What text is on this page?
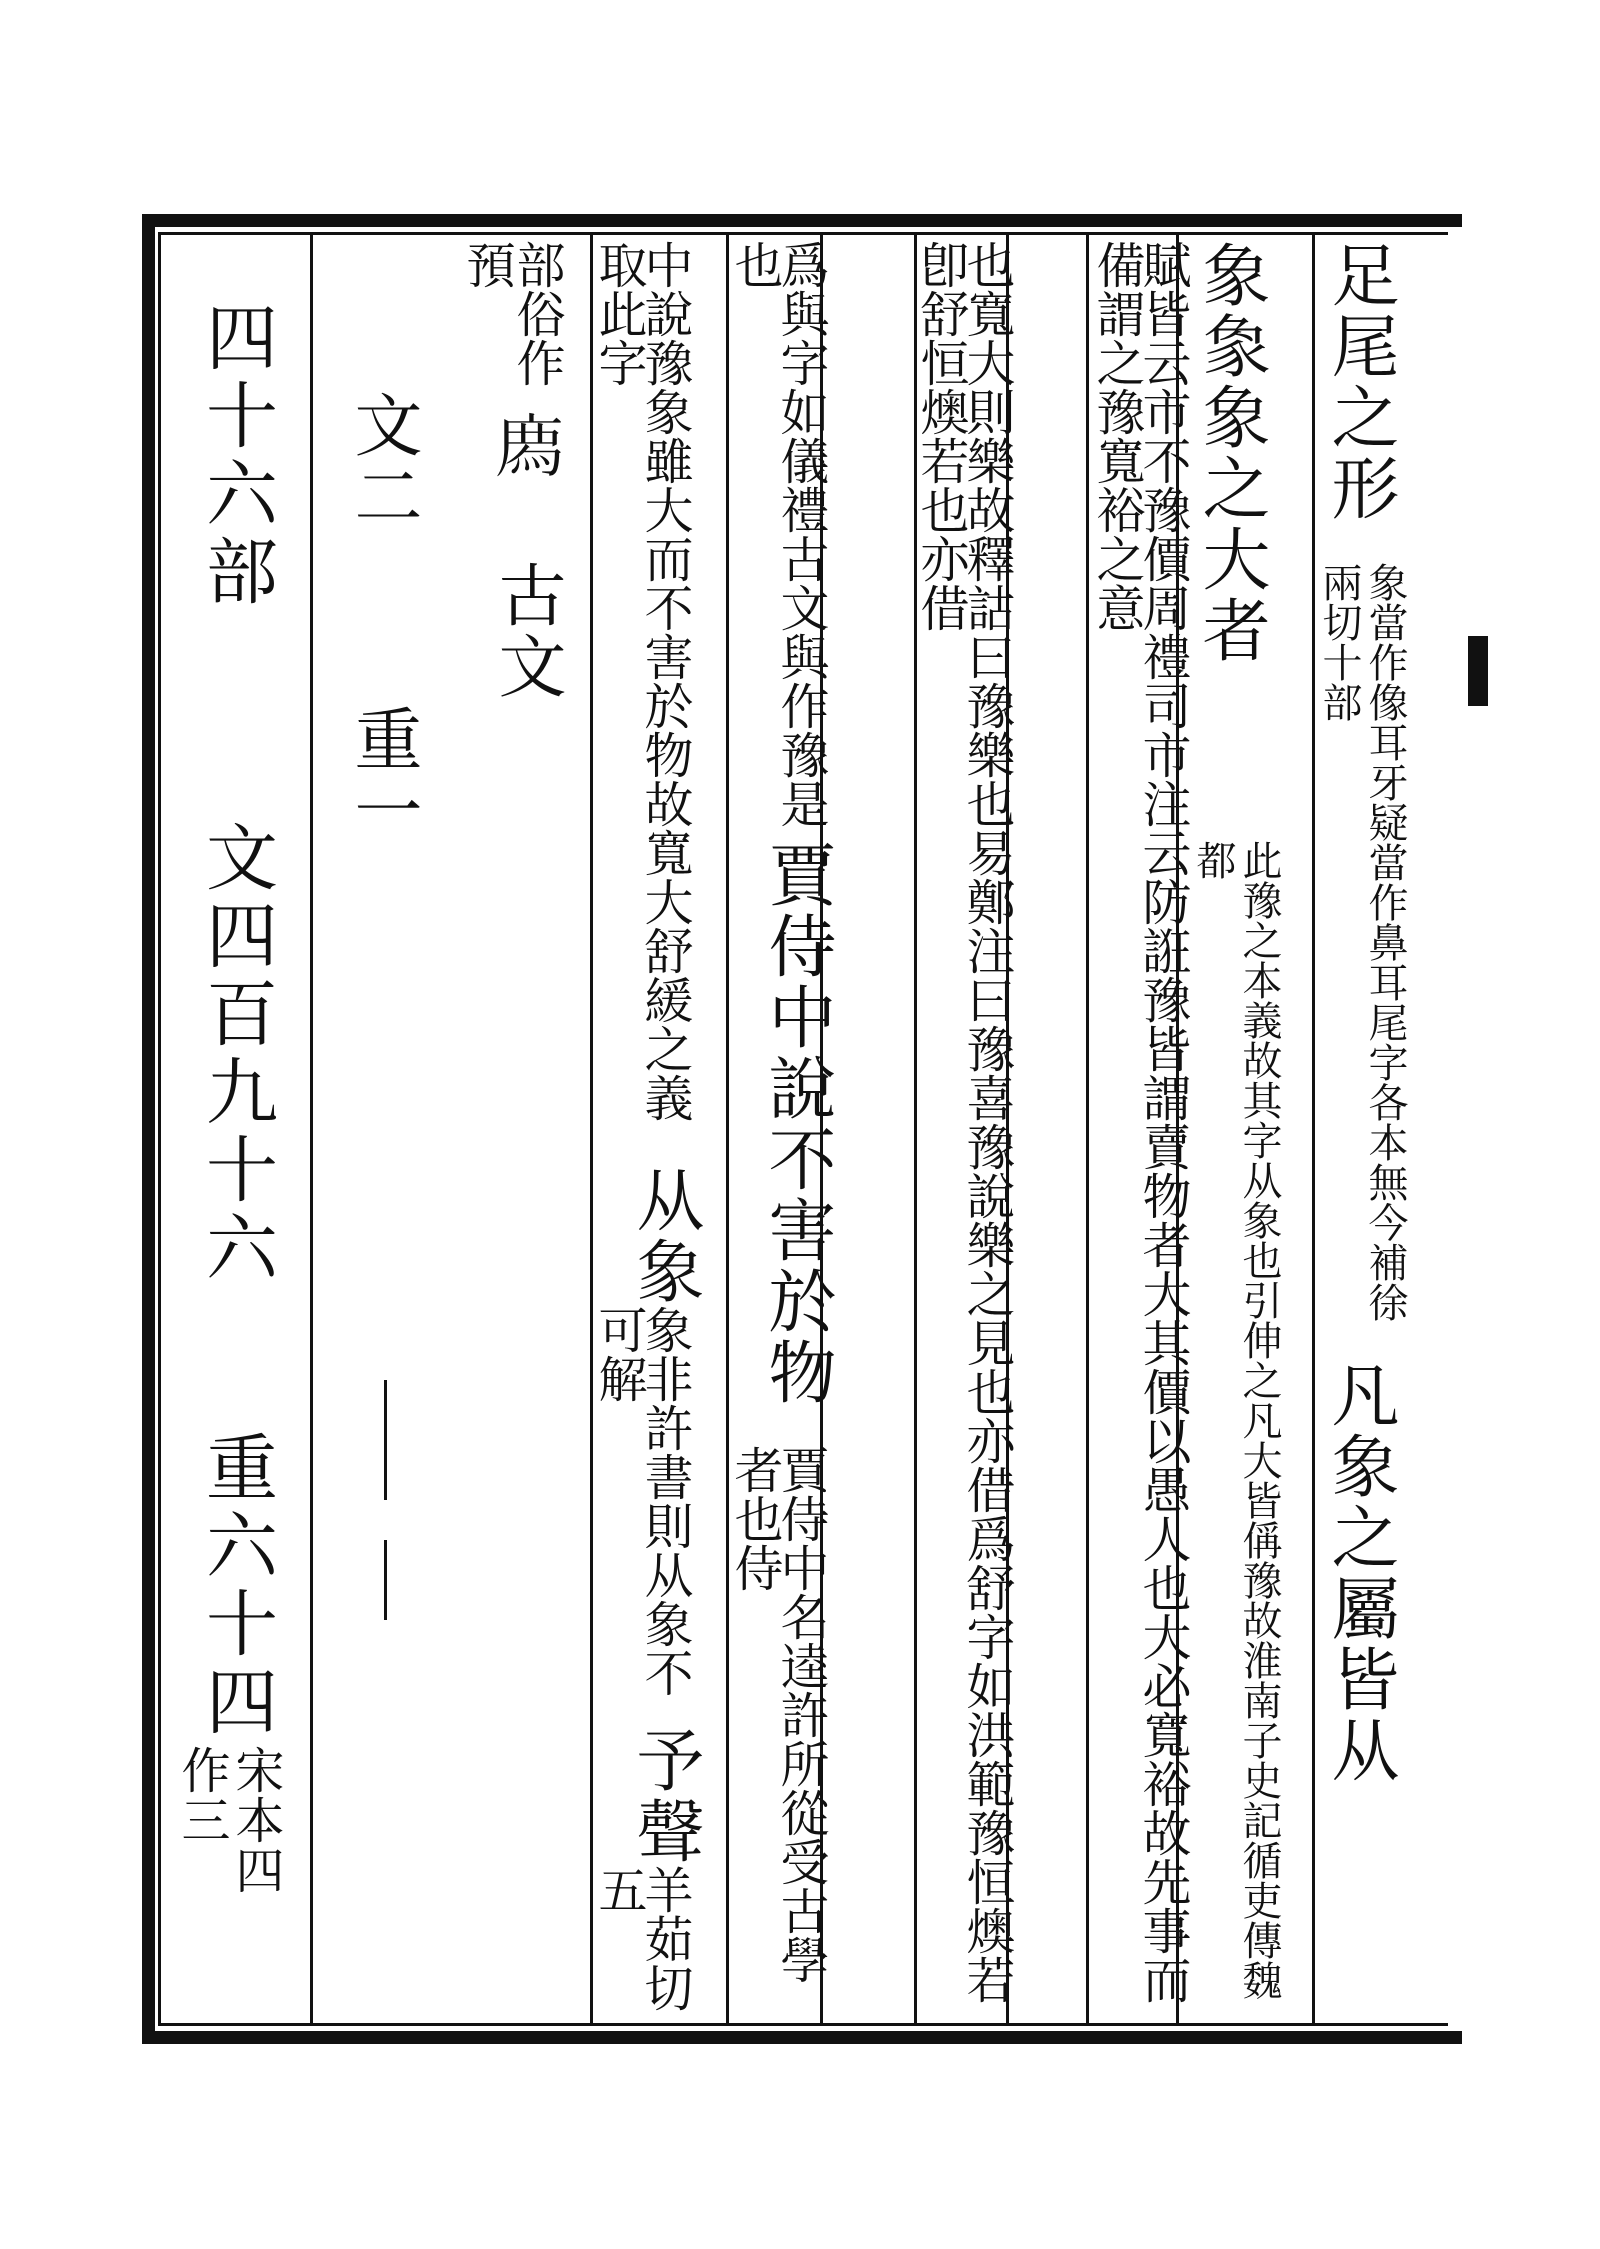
足尾之形
象當作像耳牙疑當作鼻耳尾字各本無今補徐兩切十部
凡象之屬皆从
象𧰼象之大者
此豫之本義故其字从象也引伸之凡大皆偁豫故淮南子史記循吏傳魏都
賦皆云市不豫價周禮司市注云防誑豫皆謂賣物者大其價以愚人也大必寬裕故先事而備謂之豫寬裕之意
也寬大則樂故釋詁曰豫樂也易鄭注曰豫喜豫說樂之見也亦借爲舒字如洪範豫恒燠若卽舒恒燠若也亦借
爲與字如儀禮古文與作豫是也
賈侍中說不害於物
賈侍中名逵許所從受古學者也侍
中說豫象雖大而不害於物故寬大舒緩之義取此字
从象
象非許書則从象不可解
予聲
羊茹切五
部俗作預
𢊁
古文
文二 重一
四十六部
文四百九十六
重六十四
宋本四
作三
